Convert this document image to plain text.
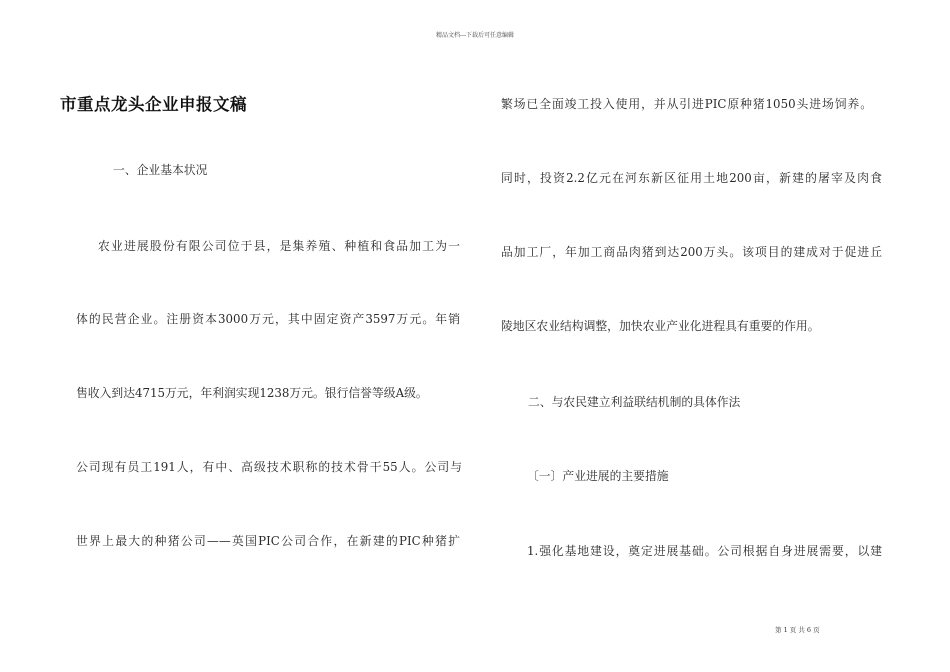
精品文档---下载后可任意编辑
市重点龙头企业申报文稿
一、企业基本状况
农业进展股份有限公司位于县，是集养殖、种植和食品加工为一
体的民营企业。注册资本3000万元，其中固定资产3597万元。年销
售收入到达4715万元，年利润实现1238万元。银行信誉等级A级。
公司现有员工191人，有中、高级技术职称的技术骨干55人。公司与
世界上最大的种猪公司——英国PIC公司合作，在新建的PIC种猪扩
繁场已全面竣工投入使用，并从引进PIC原种猪1050头进场饲养。
同时，投资2.2亿元在河东新区征用土地200亩，新建的屠宰及肉食
品加工厂，年加工商品肉猪到达200万头。该项目的建成对于促进丘
陵地区农业结构调整，加快农业产业化进程具有重要的作用。
二、与农民建立利益联结机制的具体作法
〔一〕产业进展的主要措施
1.强化基地建设，奠定进展基础。公司根据自身进展需要，以建
第 1 页 共 6 页
